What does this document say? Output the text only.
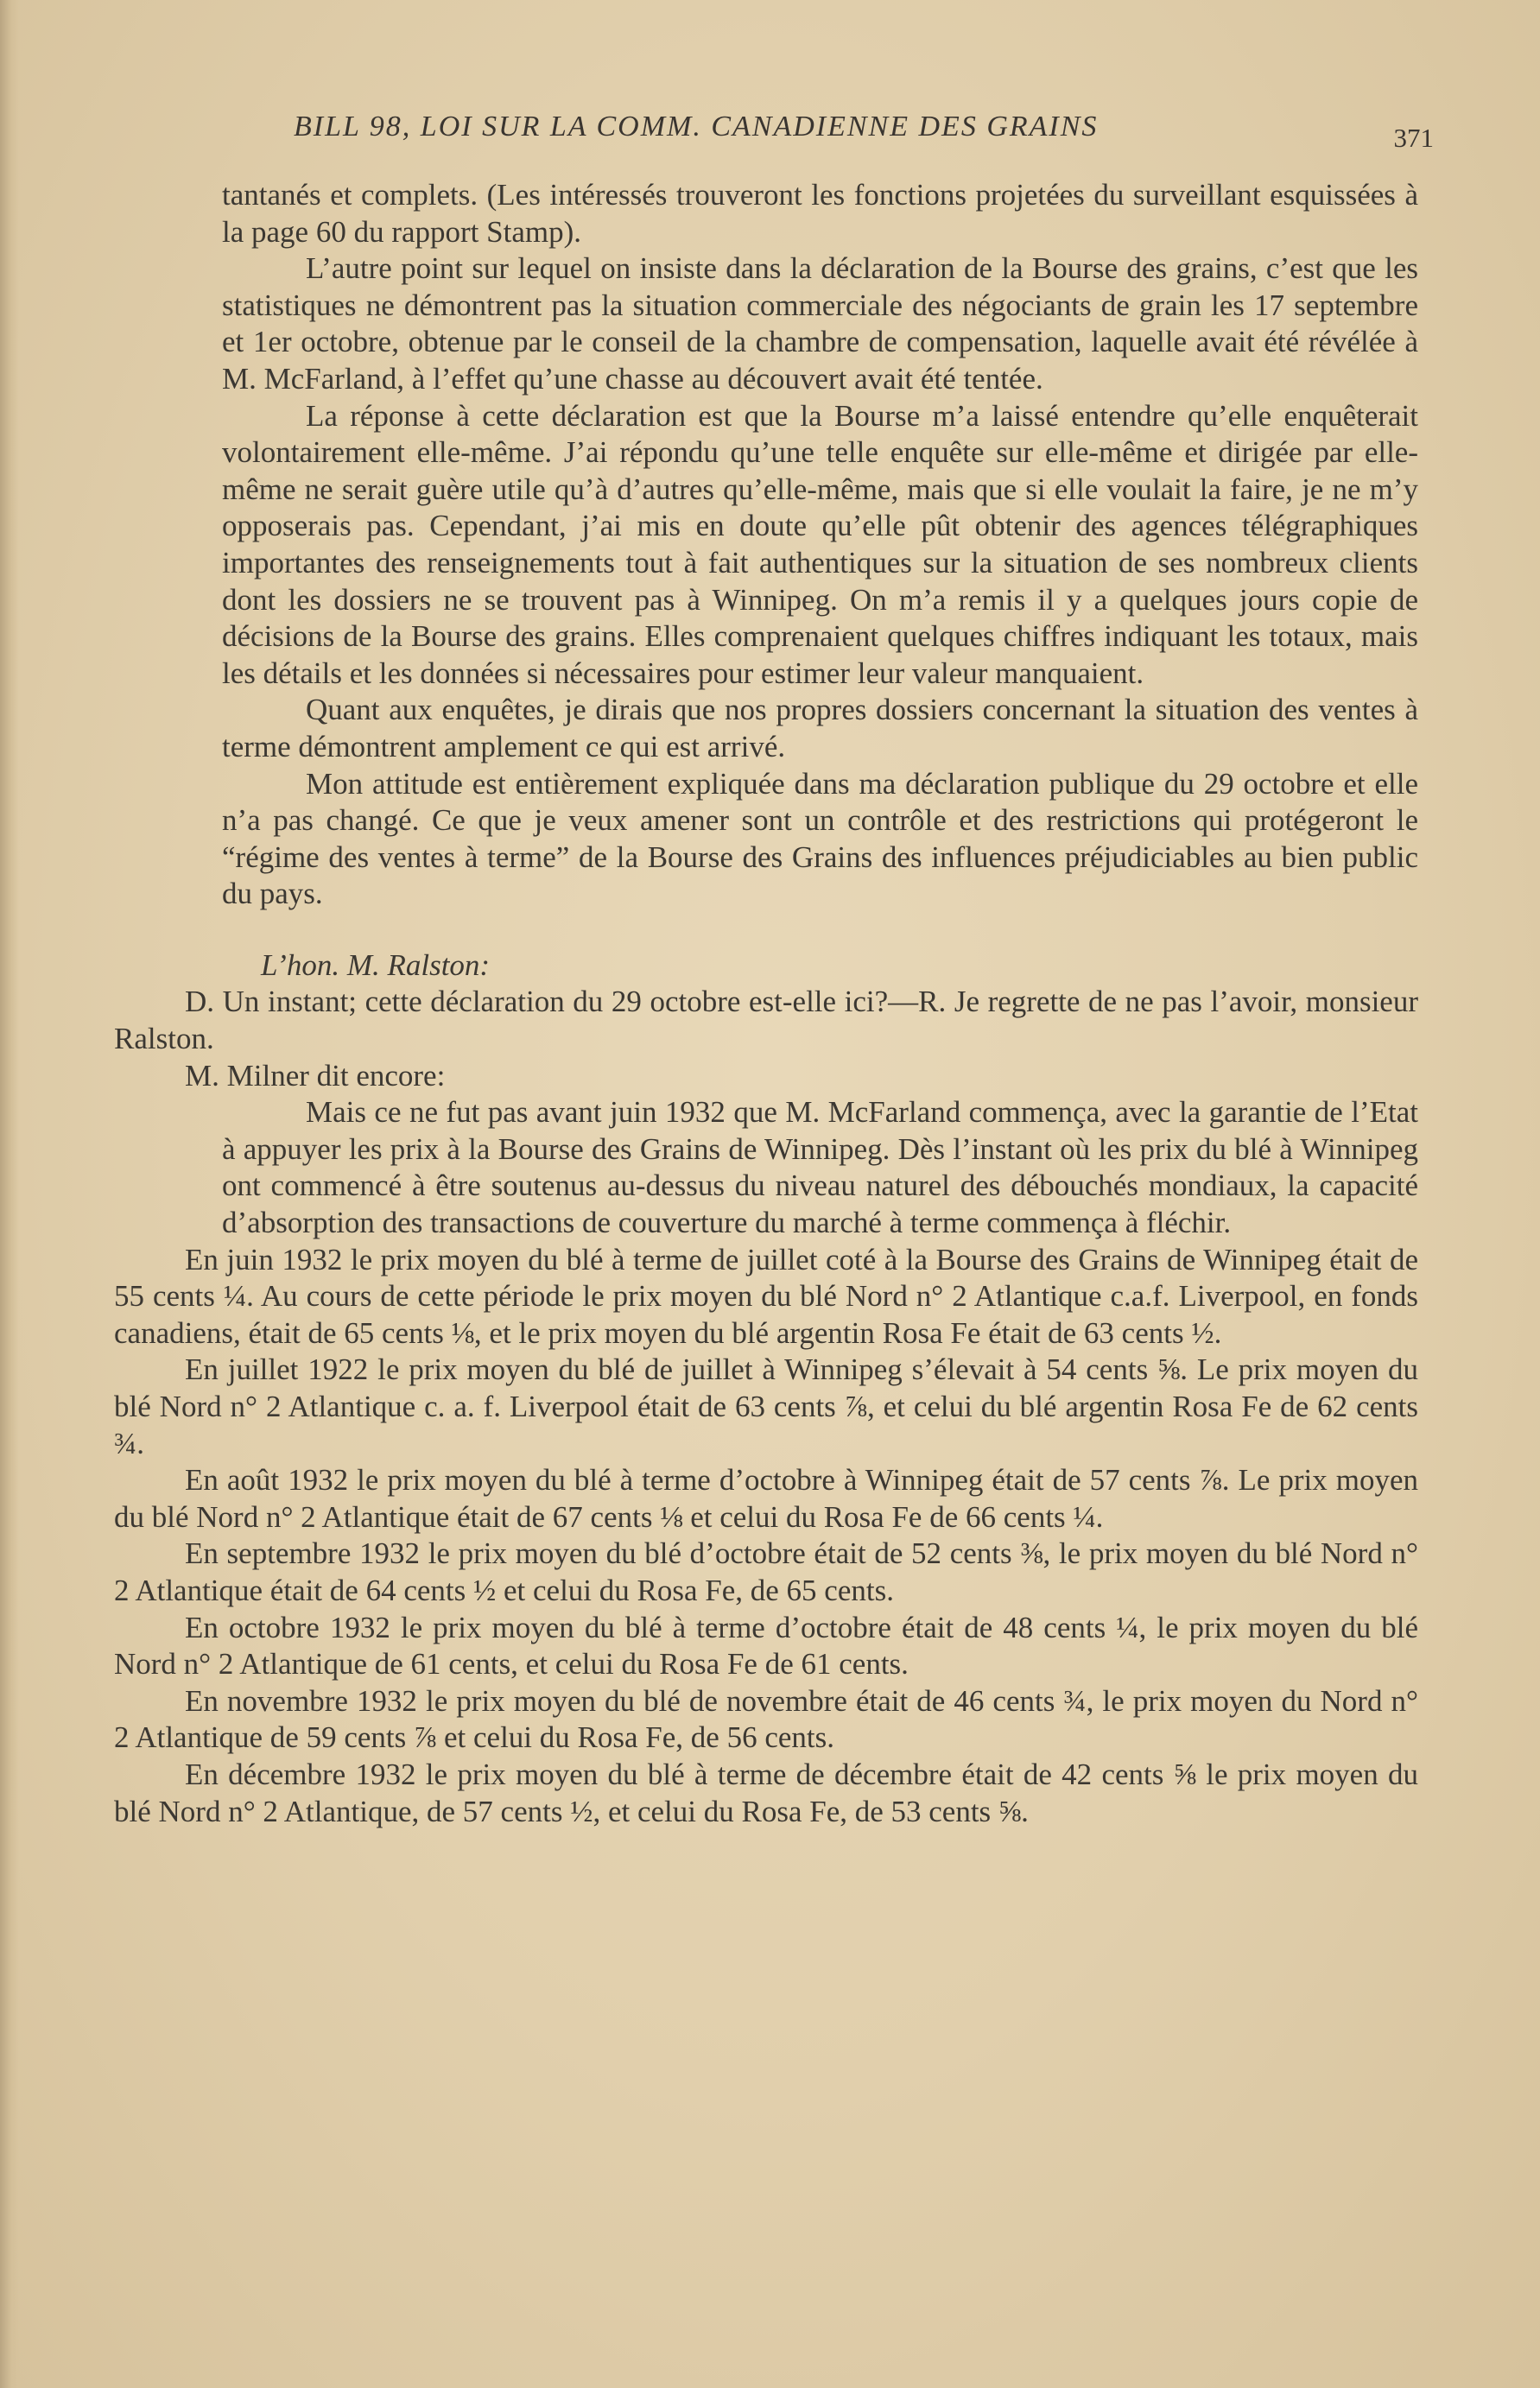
BILL 98, LOI SUR LA COMM. CANADIENNE DES GRAINS	371

tantanés et complets. (Les intéressés trouveront les fonctions projetées du surveillant esquissées à la page 60 du rapport Stamp).

L’autre point sur lequel on insiste dans la déclaration de la Bourse des grains, c’est que les statistiques ne démontrent pas la situation commerciale des négociants de grain les 17 septembre et 1er octobre, obtenue par le conseil de la chambre de compensation, laquelle avait été révélée à M. McFarland, à l’effet qu’une chasse au découvert avait été tentée.

La réponse à cette déclaration est que la Bourse m’a laissé entendre qu’elle enquêterait volontairement elle-même. J’ai répondu qu’une telle enquête sur elle-même et dirigée par elle-même ne serait guère utile qu’à d’autres qu’elle-même, mais que si elle voulait la faire, je ne m’y opposerais pas. Cependant, j’ai mis en doute qu’elle pût obtenir des agences télégraphiques importantes des renseignements tout à fait authentiques sur la situation de ses nombreux clients dont les dossiers ne se trouvent pas à Winnipeg. On m’a remis il y a quelques jours copie de décisions de la Bourse des grains. Elles comprenaient quelques chiffres indiquant les totaux, mais les détails et les données si nécessaires pour estimer leur valeur manquaient.

Quant aux enquêtes, je dirais que nos propres dossiers concernant la situation des ventes à terme démontrent amplement ce qui est arrivé.

Mon attitude est entièrement expliquée dans ma déclaration publique du 29 octobre et elle n’a pas changé. Ce que je veux amener sont un contrôle et des restrictions qui protégeront le “régime des ventes à terme” de la Bourse des Grains des influences préjudiciables au bien public du pays.

L’hon. M. Ralston:

D. Un instant; cette déclaration du 29 octobre est-elle ici?—R. Je regrette de ne pas l’avoir, monsieur Ralston.

M. Milner dit encore:

Mais ce ne fut pas avant juin 1932 que M. McFarland commença, avec la garantie de l’Etat à appuyer les prix à la Bourse des Grains de Winnipeg. Dès l’instant où les prix du blé à Winnipeg ont commencé à être soutenus au-dessus du niveau naturel des débouchés mondiaux, la capacité d’absorption des transactions de couverture du marché à terme commença à fléchir.

En juin 1932 le prix moyen du blé à terme de juillet coté à la Bourse des Grains de Winnipeg était de 55 cents ¼. Au cours de cette période le prix moyen du blé Nord n° 2 Atlantique c.a.f. Liverpool, en fonds canadiens, était de 65 cents ⅛, et le prix moyen du blé argentin Rosa Fe était de 63 cents ½.

En juillet 1922 le prix moyen du blé de juillet à Winnipeg s’élevait à 54 cents ⅝. Le prix moyen du blé Nord n° 2 Atlantique c. a. f. Liverpool était de 63 cents ⅞, et celui du blé argentin Rosa Fe de 62 cents ¾.

En août 1932 le prix moyen du blé à terme d’octobre à Winnipeg était de 57 cents ⅞. Le prix moyen du blé Nord n° 2 Atlantique était de 67 cents ⅛ et celui du Rosa Fe de 66 cents ¼.

En septembre 1932 le prix moyen du blé d’octobre était de 52 cents ⅜, le prix moyen du blé Nord n° 2 Atlantique était de 64 cents ½ et celui du Rosa Fe, de 65 cents.

En octobre 1932 le prix moyen du blé à terme d’octobre était de 48 cents ¼, le prix moyen du blé Nord n° 2 Atlantique de 61 cents, et celui du Rosa Fe de 61 cents.

En novembre 1932 le prix moyen du blé de novembre était de 46 cents ¾, le prix moyen du Nord n° 2 Atlantique de 59 cents ⅞ et celui du Rosa Fe, de 56 cents.

En décembre 1932 le prix moyen du blé à terme de décembre était de 42 cents ⅝ le prix moyen du blé Nord n° 2 Atlantique, de 57 cents ½, et celui du Rosa Fe, de 53 cents ⅝.
